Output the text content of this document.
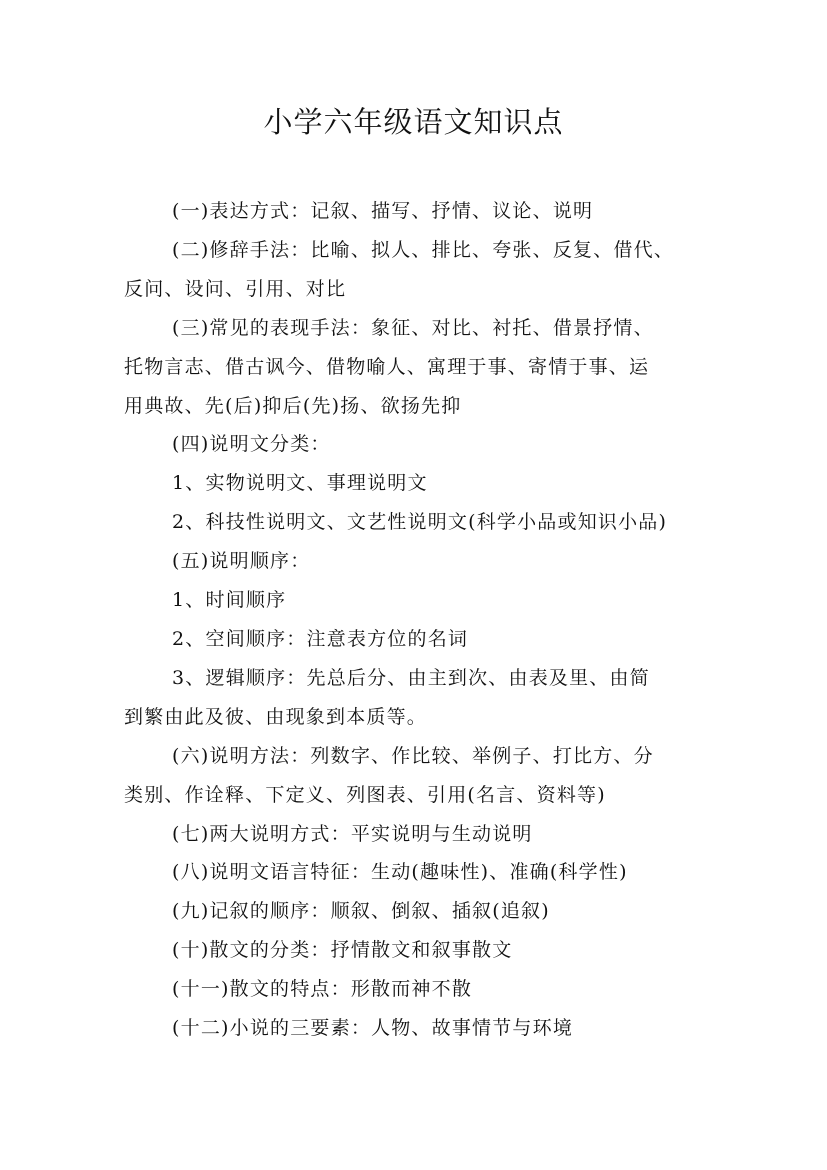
小学六年级语文知识点
(一)表达方式：记叙、描写、抒情、议论、说明
(二)修辞手法：比喻、拟人、排比、夸张、反复、借代、
反问、设问、引用、对比
(三)常见的表现手法：象征、对比、衬托、借景抒情、
托物言志、借古讽今、借物喻人、寓理于事、寄情于事、运
用典故、先(后)抑后(先)扬、欲扬先抑
(四)说明文分类：
1、实物说明文、事理说明文
2、科技性说明文、文艺性说明文(科学小品或知识小品)
(五)说明顺序：
1、时间顺序
2、空间顺序：注意表方位的名词
3、逻辑顺序：先总后分、由主到次、由表及里、由简
到繁由此及彼、由现象到本质等。
(六)说明方法：列数字、作比较、举例子、打比方、分
类别、作诠释、下定义、列图表、引用(名言、资料等)
(七)两大说明方式：平实说明与生动说明
(八)说明文语言特征：生动(趣味性)、准确(科学性)
(九)记叙的顺序：顺叙、倒叙、插叙(追叙)
(十)散文的分类：抒情散文和叙事散文
(十一)散文的特点：形散而神不散
(十二)小说的三要素：人物、故事情节与环境
